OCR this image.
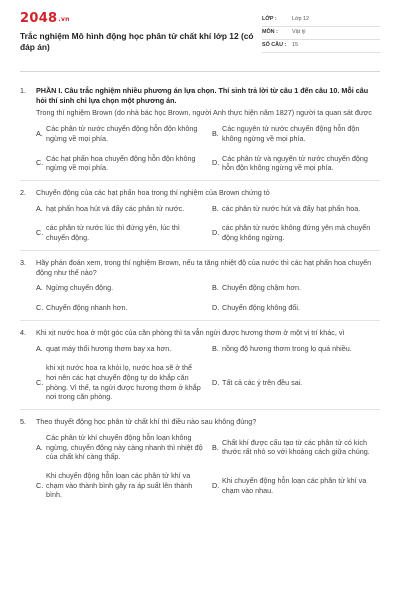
2048.vn
Trắc nghiệm Mô hình động học phân tử chất khí lớp 12 (có đáp án)
LỚP :	Lớp 12
MÔN :	Vật lý
SỐ CÂU :	15
1.	PHẦN I. Câu trắc nghiệm nhiều phương án lựa chọn. Thí sinh trả lời từ câu 1 đến câu 10. Mỗi câu hỏi thí sinh chỉ lựa chọn một phương án.
Trong thí nghiệm Brown (do nhà bác học Brown, người Anh thực hiện năm 1827) người ta quan sát được
A.
Các phân tử nước chuyển động hỗn độn không ngừng về mọi phía.
B.
Các nguyên tử nước chuyển động hỗn độn không ngừng về mọi phía.
C.
Các hạt phấn hoa chuyển động hỗn độn không ngừng về mọi phía.
D.
Các phân tử và nguyên tử nước chuyển động hỗn độn không ngừng về mọi phía.
2.	Chuyển động của các hạt phấn hoa trong thí nghiệm của Brown chứng tỏ
A. hạt phấn hoa hút và đẩy các phân tử nước.	B. các phân tử nước hút và đẩy hạt phấn hoa.
C.
các phân tử nước lúc thì đứng yên, lúc thì chuyển động.
D.
các phân tử nước không đứng yên mà chuyển động không ngừng.
3.	Hãy phán đoán xem, trong thí nghiệm Brown, nếu ta tăng nhiệt độ của nước thì các hạt phấn hoa chuyển động như thế nào?
A. Ngừng chuyển động.	B. Chuyển động chậm hơn.
C. Chuyển động nhanh hơn.	D. Chuyển động không đổi.
4.	Khi xịt nước hoa ở một góc của căn phòng thì ta vẫn ngửi được hương thơm ở một vị trí khác, vì
A. quạt máy thổi hương thơm bay xa hơn.	B. nồng độ hương thơm trong lọ quá nhiều.
C.
khi xịt nước hoa ra khỏi lọ, nước hoa sẽ ở thể hơi nên các hạt chuyển động tự do khắp căn phòng. Vì thế, ta ngửi được hương thơm ở khắp nơi trong căn phòng.
D. Tất cả các ý trên đều sai.
5.	Theo thuyết động học phân tử chất khí thì điều nào sau không đúng?
A.
Các phân tử khí chuyển động hỗn loạn không ngừng, chuyển động này càng nhanh thì nhiệt độ của chất khí càng thấp.
B.
Chất khí được cấu tạo từ các phân tử có kích thước rất nhỏ so với khoảng cách giữa chúng.
C.
Khi chuyển động hỗn loạn các phân tử khí va chạm vào thành bình gây ra áp suất lên thành bình.
D.
Khi chuyển động hỗn loạn các phân tử khí va chạm vào nhau.
